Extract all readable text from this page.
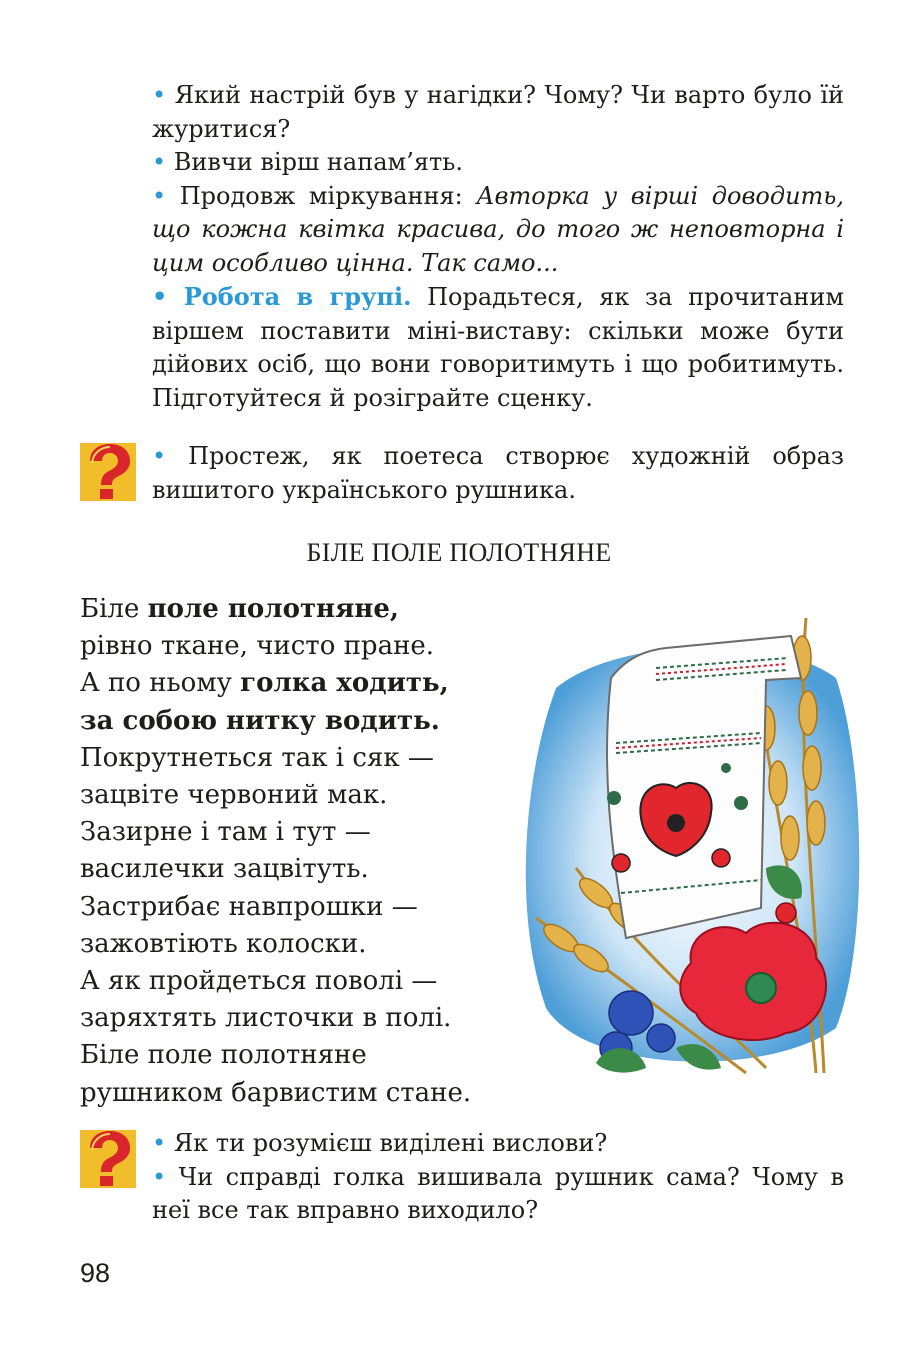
• Який настрій був у нагідки? Чому? Чи варто було їй журитися?

• Вивчи вірш напам’ять.

• Продовж міркування: Авторка у вірші доводить, що кожна квітка красива, до того ж неповторна і цим особливо цінна. Так само...

• Робота в групі. Порадьтеся, як за прочитаним віршем поставити міні-виставу: скільки може бути дійових осіб, що вони говоритимуть і що робитимуть. Підготуйтеся й розіграйте сценку.

• Простеж, як поетеса створює художній образ вишитого українського рушника.
БІЛЕ ПОЛЕ ПОЛОТНЯНЕ
Біле поле полотняне,
рівно ткане, чисто пране.
А по ньому голка ходить,
за собою нитку водить.
Покрутнеться так і сяк —
зацвіте червоний мак.
Зазирне і там і тут —
василечки зацвітуть.
Застрибає навпрошки —
зажовтіють колоски.
А як пройдеться поволі —
заряхтять листочки в полі.
Біле поле полотняне
рушником барвистим стане.

• Як ти розумієш виділені вислови?

• Чи справді голка вишивала рушник сама? Чому в неї все так вправно виходило?

98
